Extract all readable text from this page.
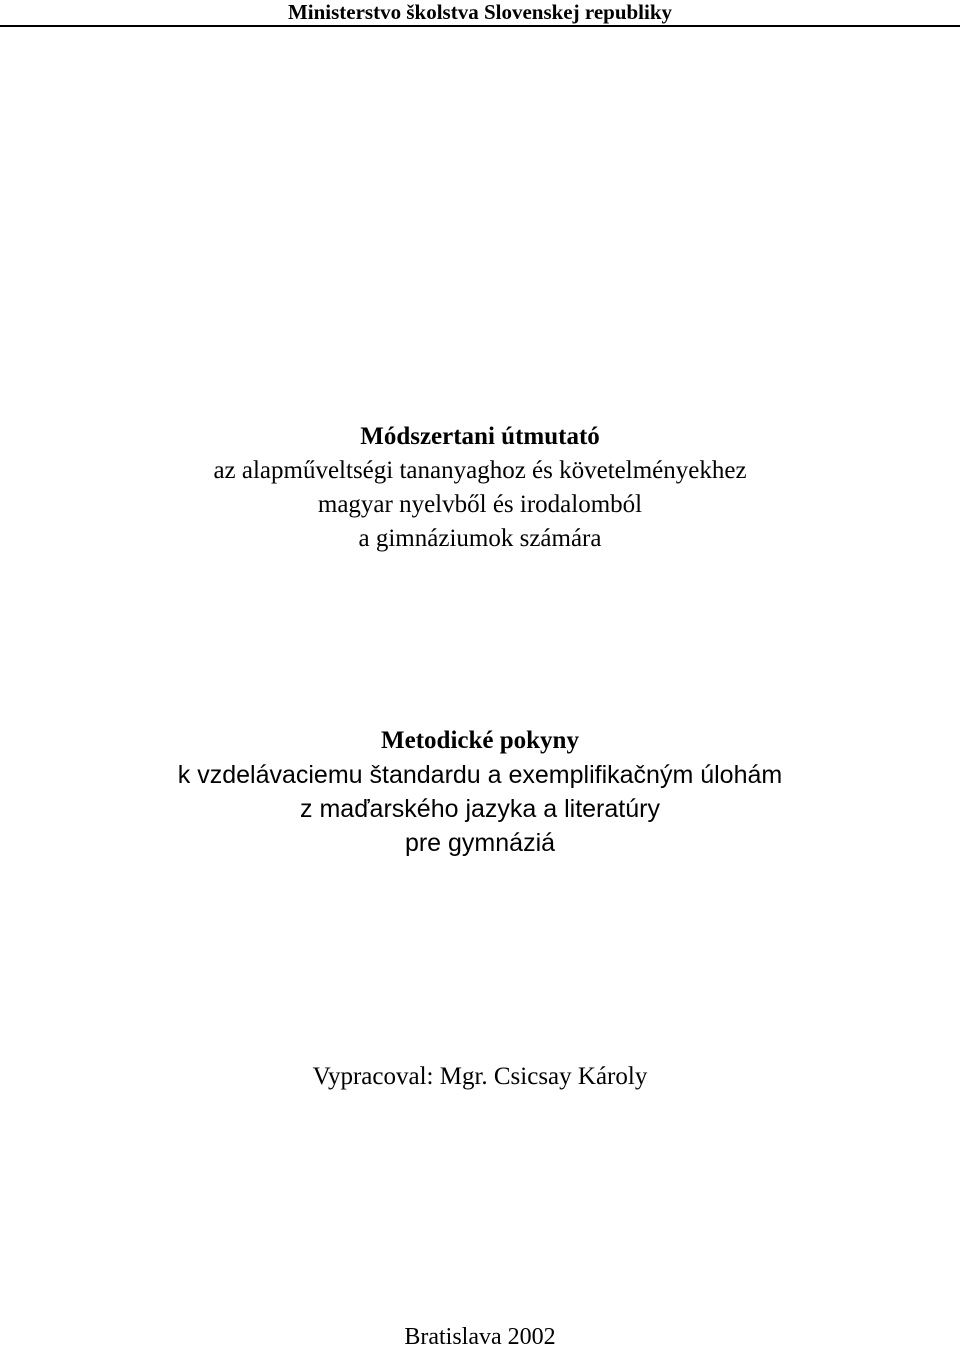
Ministerstvo školstva Slovenskej republiky
Módszertani útmutató
az alapműveltségi tananyaghoz és követelményekhez
magyar nyelvből és irodalomból
a gimnáziumok számára
Metodické pokyny
k vzdelávaciemu štandardu a exemplifikačným úlohám
z maďarského jazyka a literatúry
pre gymnáziá
Vypracoval: Mgr. Csicsay Károly
Bratislava 2002
